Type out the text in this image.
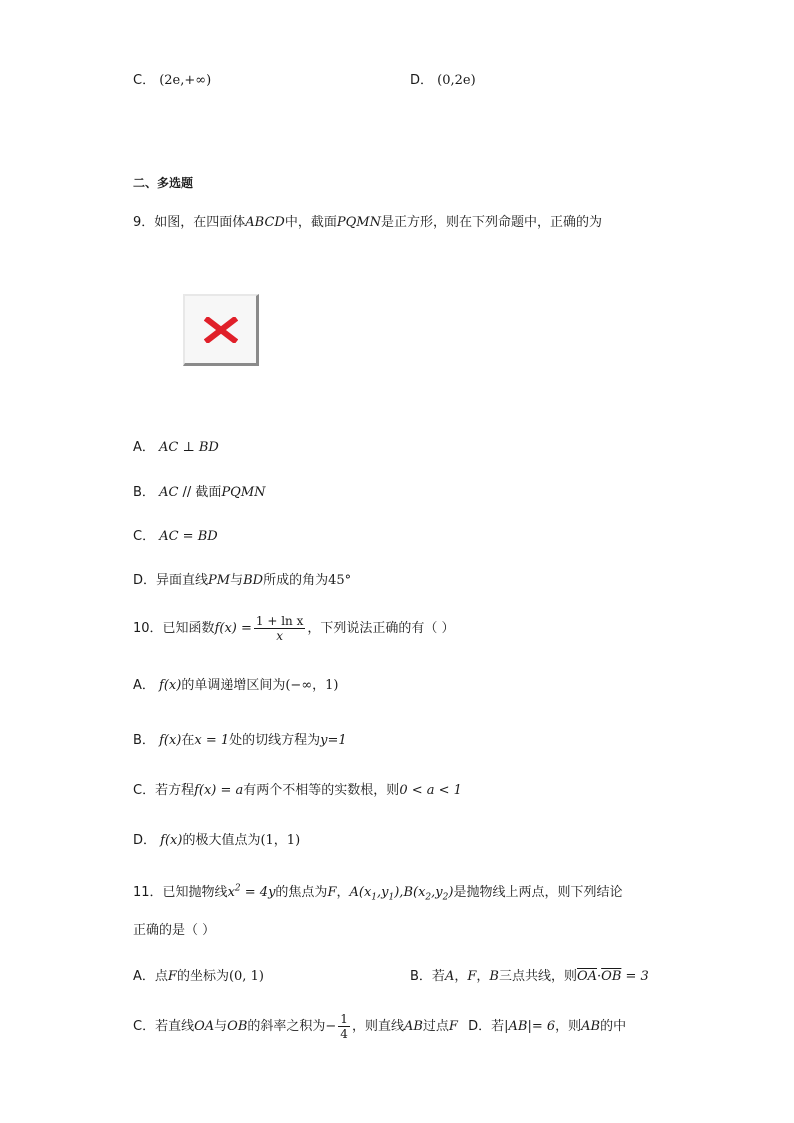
C． (2e,+∞)	D． (0,2e)
二、多选题
9．如图，在四面体ABCD中，截面PQMN是正方形，则在下列命题中，正确的为
A． AC ⊥ BD
B． AC // 截面PQMN
C． AC = BD
D．异面直线PM与BD所成的角为45°
10．已知函数$f(x) = \frac{\text{1 + ln x}}{x}$ ，下列说法正确的有（ ）
A． f(x)的单调递增区间为(−∞，1)
B． f(x)在x = 1处的切线方程为y=1
C．若方程f(x) = a有两个不相等的实数根，则0 < a < 1
D． f(x)的极大值点为(1，1)
11．已知抛物线$x^2 = 4y$的焦点为F，$A(x_1,y_1),B(x_2,y_2)$是抛物线上两点，则下列结论
正确的是（ ）
A．点F的坐标为(0, 1)	B．若A，F，B三点共线，则$\overline{OA}\cdot\overline{OB} = 3$
C．若直线OA与OB的斜率之积为− $\frac{1}{4}$ ，则直线AB过点F D．若|AB|= 6，则AB的中
